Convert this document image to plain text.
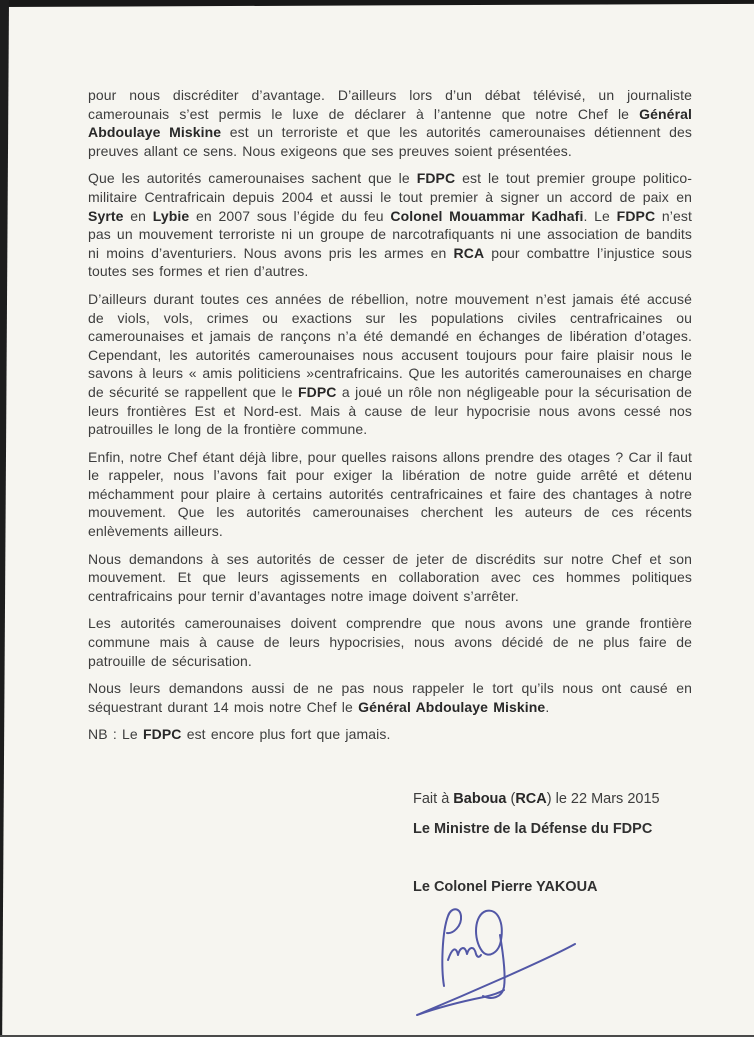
pour nous discréditer d’avantage. D’ailleurs lors d’un débat télévisé, un journaliste camerounais s’est permis le luxe de déclarer à l’antenne que notre Chef le Général Abdoulaye Miskine est un terroriste et que les autorités camerounaises détiennent des preuves allant ce sens. Nous exigeons que ses preuves soient présentées.

Que les autorités camerounaises sachent que le FDPC est le tout premier groupe politico-militaire Centrafricain depuis 2004 et aussi le tout premier à signer un accord de paix en Syrte en Lybie en 2007 sous l’égide du feu Colonel Mouammar Kadhafi. Le FDPC n’est pas un mouvement terroriste ni un groupe de narcotrafiquants ni une association de bandits ni moins d’aventuriers. Nous avons pris les armes en RCA pour combattre l’injustice sous toutes ses formes et rien d’autres.

D’ailleurs durant toutes ces années de rébellion, notre mouvement n’est jamais été accusé de viols, vols, crimes ou exactions sur les populations civiles centrafricaines ou camerounaises et jamais de rançons n’a été demandé en échanges de libération d’otages. Cependant, les autorités camerounaises nous accusent toujours pour faire plaisir nous le savons à leurs « amis politiciens »centrafricains. Que les autorités camerounaises en charge de sécurité se rappellent que le FDPC a joué un rôle non négligeable pour la sécurisation de leurs frontières Est et Nord-est. Mais à cause de leur hypocrisie nous avons cessé nos patrouilles le long de la frontière commune.

Enfin, notre Chef étant déjà libre, pour quelles raisons allons prendre des otages ? Car il faut le rappeler, nous l’avons fait pour exiger la libération de notre guide arrêté et détenu méchamment pour plaire à certains autorités centrafricaines et faire des chantages à notre mouvement. Que les autorités camerounaises cherchent les auteurs de ces récents enlèvements ailleurs.

Nous demandons à ses autorités de cesser de jeter de discrédits sur notre Chef et son mouvement. Et que leurs agissements en collaboration avec ces hommes politiques centrafricains pour ternir d’avantages notre image doivent s’arrêter.

Les autorités camerounaises doivent comprendre que nous avons une grande frontière commune mais à cause de leurs hypocrisies, nous avons décidé de ne plus faire de patrouille de sécurisation.

Nous leurs demandons aussi de ne pas nous rappeler le tort qu’ils nous ont causé en séquestrant durant 14 mois notre Chef le Général Abdoulaye Miskine.

NB : Le FDPC est encore plus fort que jamais.

Fait à Baboua (RCA) le 22 Mars 2015

Le Ministre de la Défense du FDPC

Le Colonel Pierre YAKOUA
